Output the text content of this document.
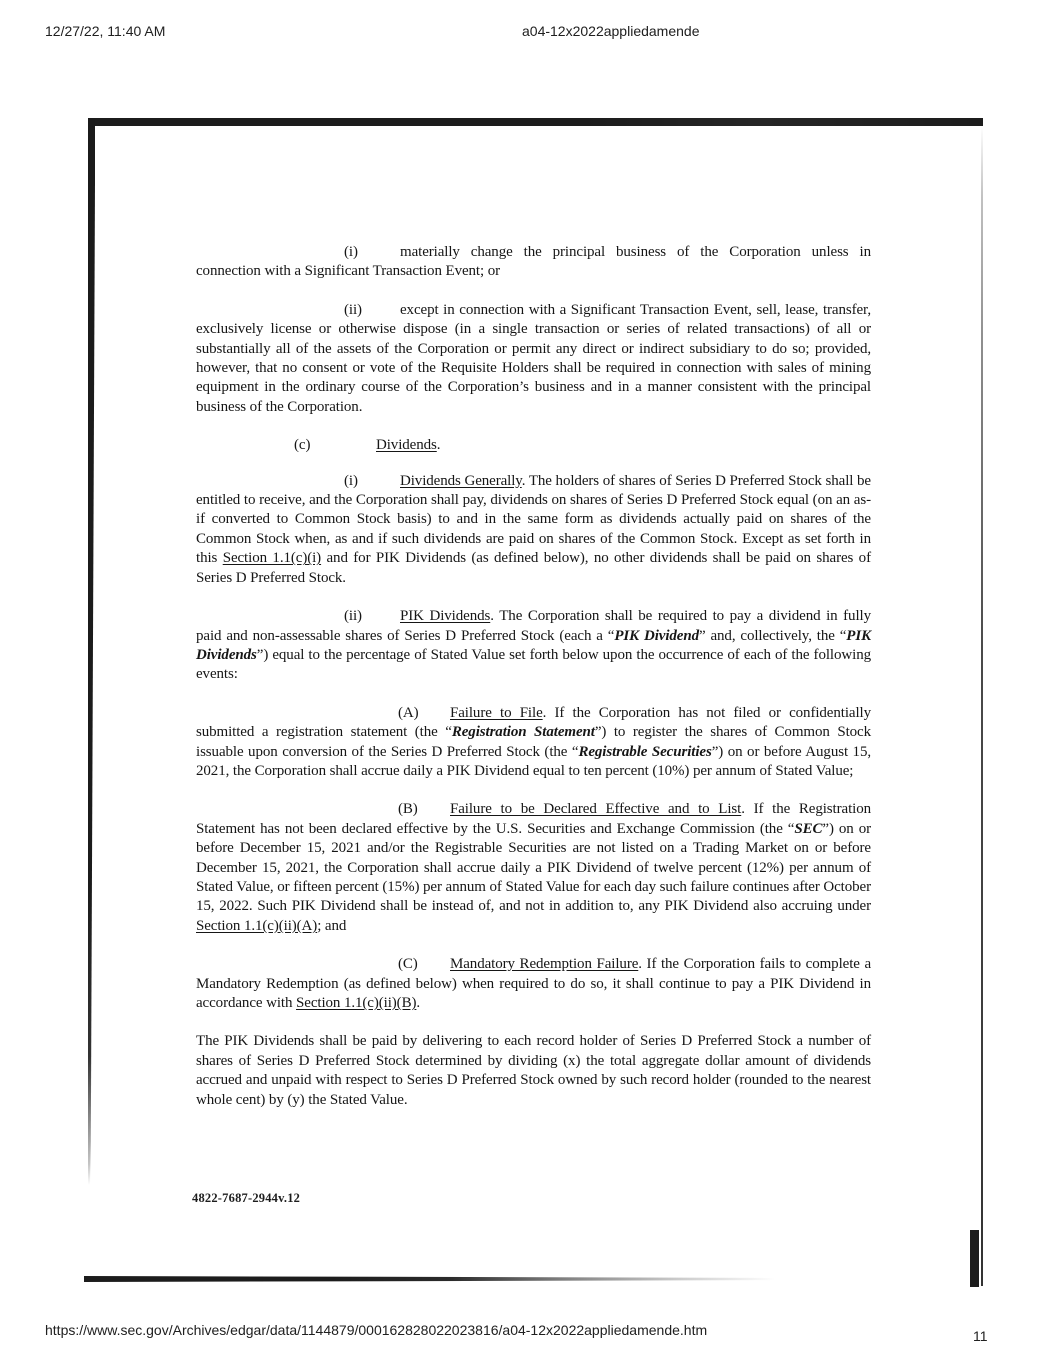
12/27/22, 11:40 AM	a04-12x2022appliedamende

(i)	materially change the principal business of the Corporation unless in connection with a Significant Transaction Event; or

(ii)	except in connection with a Significant Transaction Event, sell, lease, transfer, exclusively license or otherwise dispose (in a single transaction or series of related transactions) of all or substantially all of the assets of the Corporation or permit any direct or indirect subsidiary to do so; provided, however, that no consent or vote of the Requisite Holders shall be required in connection with sales of mining equipment in the ordinary course of the Corporation’s business and in a manner consistent with the principal business of the Corporation.

(c)	Dividends.

(i)	Dividends Generally. The holders of shares of Series D Preferred Stock shall be entitled to receive, and the Corporation shall pay, dividends on shares of Series D Preferred Stock equal (on an as-if converted to Common Stock basis) to and in the same form as dividends actually paid on shares of the Common Stock when, as and if such dividends are paid on shares of the Common Stock. Except as set forth in this Section 1.1(c)(i) and for PIK Dividends (as defined below), no other dividends shall be paid on shares of Series D Preferred Stock.

(ii)	PIK Dividends. The Corporation shall be required to pay a dividend in fully paid and non-assessable shares of Series D Preferred Stock (each a “PIK Dividend” and, collectively, the “PIK Dividends”) equal to the percentage of Stated Value set forth below upon the occurrence of each of the following events:

(A) Failure to File. If the Corporation has not filed or confidentially submitted a registration statement (the “Registration Statement”) to register the shares of Common Stock issuable upon conversion of the Series D Preferred Stock (the “Registrable Securities”) on or before August 15, 2021, the Corporation shall accrue daily a PIK Dividend equal to ten percent (10%) per annum of Stated Value;

(B) Failure to be Declared Effective and to List. If the Registration Statement has not been declared effective by the U.S. Securities and Exchange Commission (the “SEC”) on or before December 15, 2021 and/or the Registrable Securities are not listed on a Trading Market on or before December 15, 2021, the Corporation shall accrue daily a PIK Dividend of twelve percent (12%) per annum of Stated Value, or fifteen percent (15%) per annum of Stated Value for each day such failure continues after October 15, 2022. Such PIK Dividend shall be instead of, and not in addition to, any PIK Dividend also accruing under Section 1.1(c)(ii)(A); and

(C) Mandatory Redemption Failure. If the Corporation fails to complete a Mandatory Redemption (as defined below) when required to do so, it shall continue to pay a PIK Dividend in accordance with Section 1.1(c)(ii)(B).

The PIK Dividends shall be paid by delivering to each record holder of Series D Preferred Stock a number of shares of Series D Preferred Stock determined by dividing (x) the total aggregate dollar amount of dividends accrued and unpaid with respect to Series D Preferred Stock owned by such record holder (rounded to the nearest whole cent) by (y) the Stated Value.

4822-7687-2944v.12
https://www.sec.gov/Archives/edgar/data/1144879/000162828022023816/a04-12x2022appliedamende.htm	11
